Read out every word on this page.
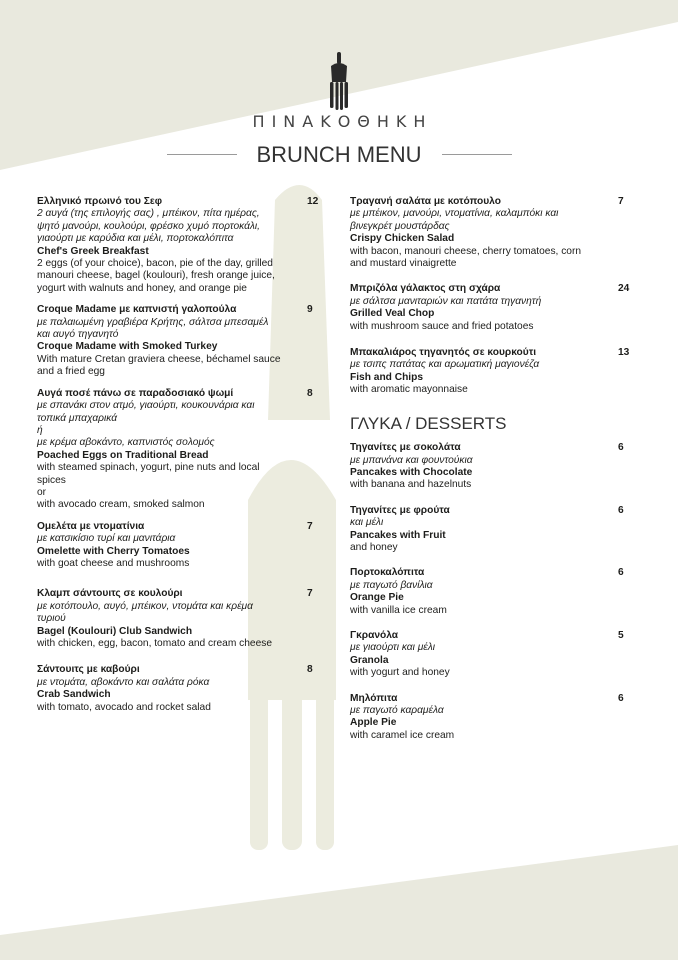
ΠΙΝΑΚΟΘΗΚΗ
BRUNCH MENU
Ελληνικό πρωινό του Σεφ	12
2 αυγά (της επιλογής σας) , μπέικον, πίτα ημέρας,
ψητό μανούρι, κουλούρι, φρέσκο χυμό πορτοκάλι,
γιαούρτι με καρύδια και μέλι, πορτοκαλόπιτα
Chef's Greek Breakfast
2 eggs (of your choice), bacon, pie of the day, grilled
manouri cheese, bagel (koulouri), fresh orange juice,
yogurt with walnuts and honey, and orange pie
Croque Madame με καπνιστή γαλοπούλα	9
με παλαιωμένη γραβιέρα Κρήτης, σάλτσα μπεσαμέλ
και αυγό τηγανητό
Croque Madame with Smoked Turkey
With mature Cretan graviera cheese, béchamel sauce
and a fried egg
Αυγά ποσέ πάνω σε παραδοσιακό ψωμί	8
με σπανάκι στον ατμό, γιαούρτι, κουκουνάρια και
τοπικά μπαχαρικά
ή
με κρέμα αβοκάντο, καπνιστός σολομός
Poached Eggs on Traditional Bread
with steamed spinach, yogurt, pine nuts and local
spices
or
with avocado cream, smoked salmon
Ομελέτα με ντοματίνια	7
με κατσικίσιο τυρί και μανιτάρια
Omelette with Cherry Tomatoes
with goat cheese and mushrooms
Κλαμπ σάντουιτς σε κουλούρι	7
με κοτόπουλο, αυγό, μπέικον, ντομάτα και κρέμα
τυριού
Bagel (Koulouri) Club Sandwich
with chicken, egg, bacon, tomato and cream cheese
Σάντουιτς με καβούρι	8
με ντομάτα, αβοκάντο και σαλάτα ρόκα
Crab Sandwich
with tomato, avocado and rocket salad
Τραγανή σαλάτα με κοτόπουλο	7
με μπέικον, μανούρι, ντοματίνια, καλαμπόκι και
βινεγκρέτ μουστάρδας
Crispy Chicken Salad
with bacon, manouri cheese, cherry tomatoes, corn
and mustard vinaigrette
Μπριζόλα γάλακτος στη σχάρα	24
με σάλτσα μανιταριών και πατάτα τηγανητή
Grilled Veal Chop
with mushroom sauce and fried potatoes
Μπακαλιάρος τηγανητός σε κουρκούτι	13
με τσιπς πατάτας και αρωματική μαγιονέζα
Fish and Chips
with aromatic mayonnaise
ΓΛΥΚΑ / DESSERTS
Τηγανίτες με σοκολάτα	6
με μπανάνα και φουντούκια
Pancakes with Chocolate
with banana and hazelnuts
Τηγανίτες με φρούτα	6
και μέλι
Pancakes with Fruit
and honey
Πορτοκαλόπιτα	6
με παγωτό βανίλια
Orange Pie
with vanilla ice cream
Γκρανόλα	5
με γιαούρτι και μέλι
Granola
with yogurt and honey
Μηλόπιτα	6
με παγωτό καραμέλα
Apple Pie
with caramel ice cream
